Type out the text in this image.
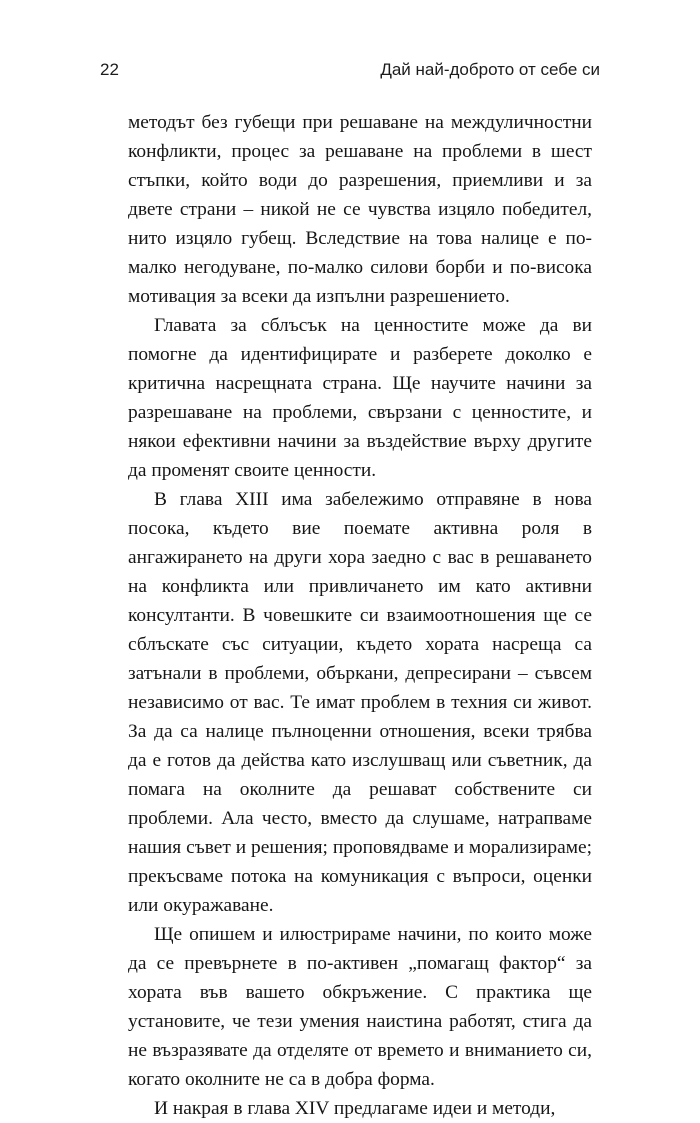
22	Дай най-доброто от себе си

методът без губещи при решаване на междуличностни конфликти, процес за решаване на проблеми в шест стъпки, който води до разрешения, приемливи и за двете страни – никой не се чувства изцяло победител, нито изцяло губещ. Вследствие на това налице е по-малко негодуване, по-малко силови борби и по-висока мотивация за всеки да изпълни разрешението.

Главата за сблъсък на ценностите може да ви помогне да идентифицирате и разберете доколко е критична насрещната страна. Ще научите начини за разрешаване на проблеми, свързани с ценностите, и някои ефективни начини за въздействие върху другите да променят своите ценности.

В глава XIII има забележимо отправяне в нова посока, където вие поемате активна роля в ангажирането на други хора заедно с вас в решаването на конфликта или привличането им като активни консултанти. В човешките си взаимоотношения ще се сблъскате със ситуации, където хората насреща са затънали в проблеми, объркани, депресирани – съвсем независимо от вас. Те имат проблем в техния си живот. За да са налице пълноценни отношения, всеки трябва да е готов да действа като изслушващ или съветник, да помага на околните да решават собствените си проблеми. Ала често, вместо да слушаме, натрапваме нашия съвет и решения; проповядваме и морализираме; прекъсваме потока на комуникация с въпроси, оценки или окуражаване.

Ще опишем и илюстрираме начини, по които може да се превърнете в по-активен „помагащ фактор“ за хората във вашето обкръжение. С практика ще установите, че тези умения наистина работят, стига да не възразявате да отделяте от времето и вниманието си, когато околните не са в добра форма.

И накрая в глава XIV предлагаме идеи и методи,
